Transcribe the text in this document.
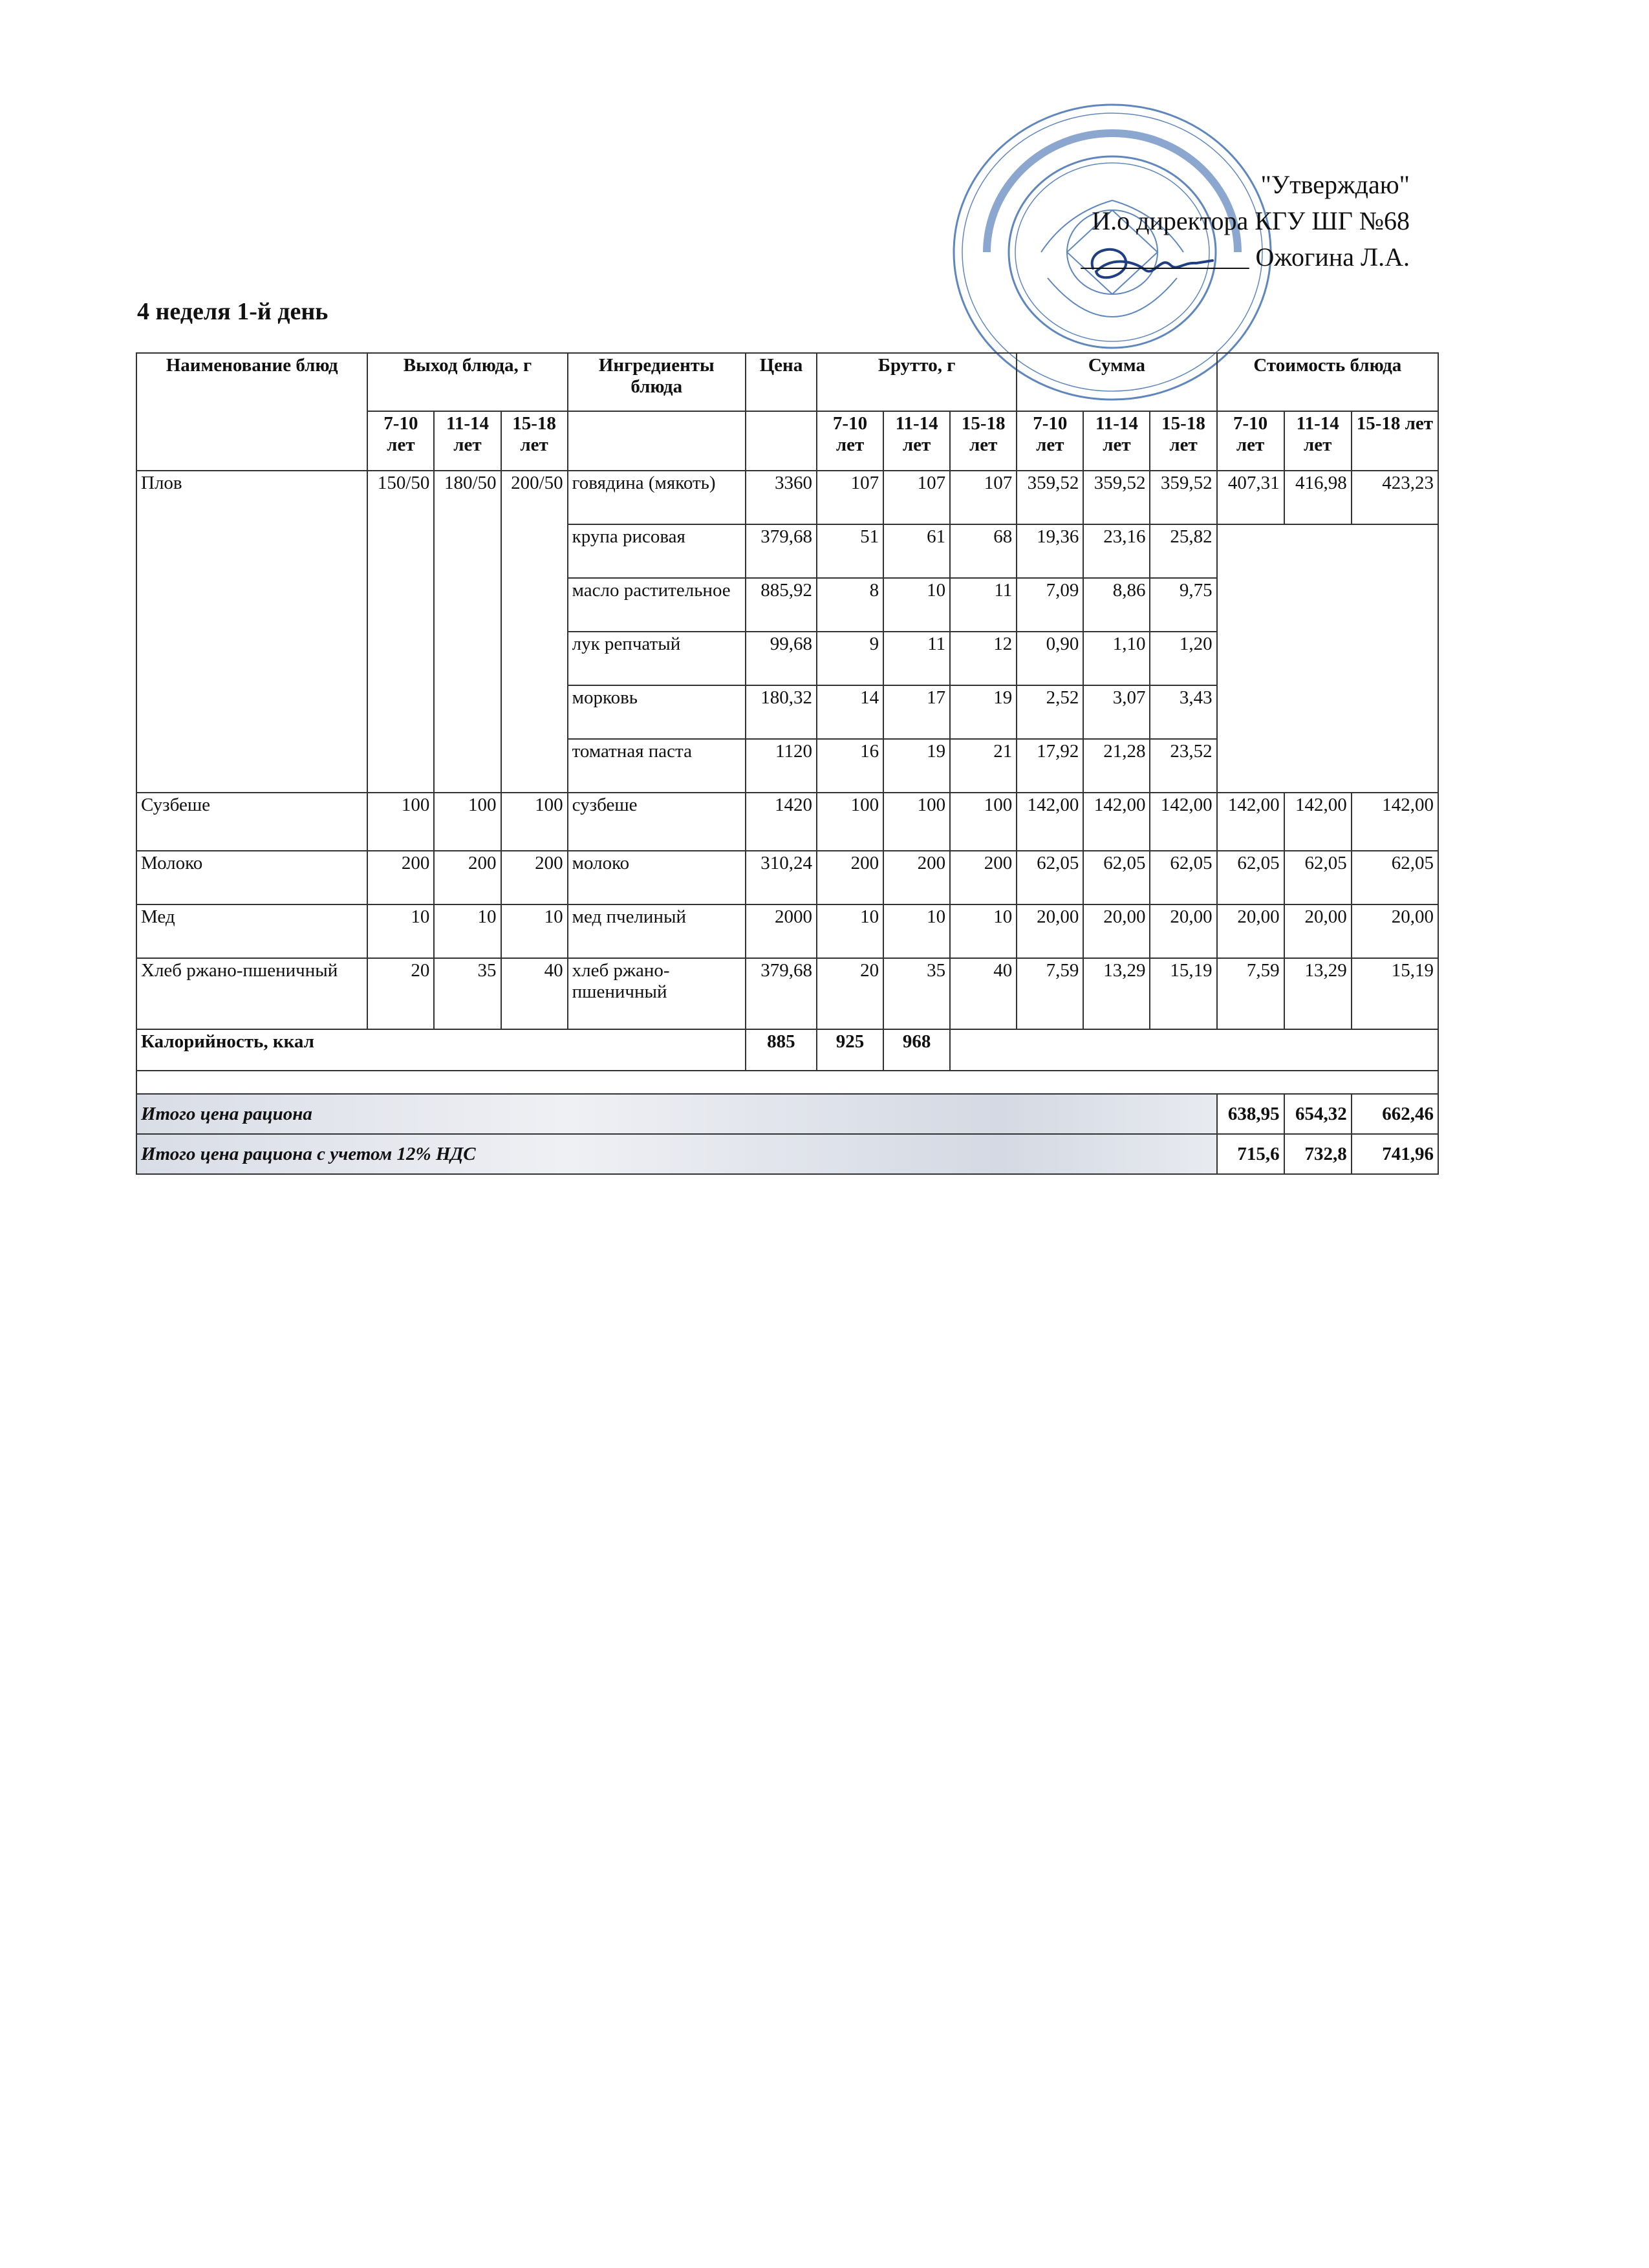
"Утверждаю"
И.о директора КГУ ШГ №68
_____________ Ожогина Л.А.
4 неделя 1-й день
Наименование блюд	Выход блюда, г			Ингредиенты блюда	Цена	Брутто, г			Сумма			Стоимость блюда		
	7-10 лет	11-14 лет	15-18 лет			7-10 лет	11-14 лет	15-18 лет	7-10 лет	11-14 лет	15-18 лет	7-10 лет	11-14 лет	15-18 лет
Плов	150/50	180/50	200/50	говядина (мякоть)	3360	107	107	107	359,52	359,52	359,52	407,31	416,98	423,23
				крупа рисовая	379,68	51	61	68	19,36	23,16	25,82			
				масло растительное	885,92	8	10	11	7,09	8,86	9,75			
				лук репчатый	99,68	9	11	12	0,90	1,10	1,20			
				морковь	180,32	14	17	19	2,52	3,07	3,43			
				томатная паста	1120	16	19	21	17,92	21,28	23,52			
Сузбеше	100	100	100	сузбеше	1420	100	100	100	142,00	142,00	142,00	142,00	142,00	142,00
Молоко	200	200	200	молоко	310,24	200	200	200	62,05	62,05	62,05	62,05	62,05	62,05
Мед	10	10	10	мед пчелиный	2000	10	10	10	20,00	20,00	20,00	20,00	20,00	20,00
Хлеб ржано-пшеничный	20	35	40	хлеб ржано-пшеничный	379,68	20	35	40	7,59	13,29	15,19	7,59	13,29	15,19
Калорийность, ккал					885	925	968							

Итого цена рациона												638,95	654,32	662,46
Итого цена рациона с учетом 12% НДС												715,6	732,8	741,96
